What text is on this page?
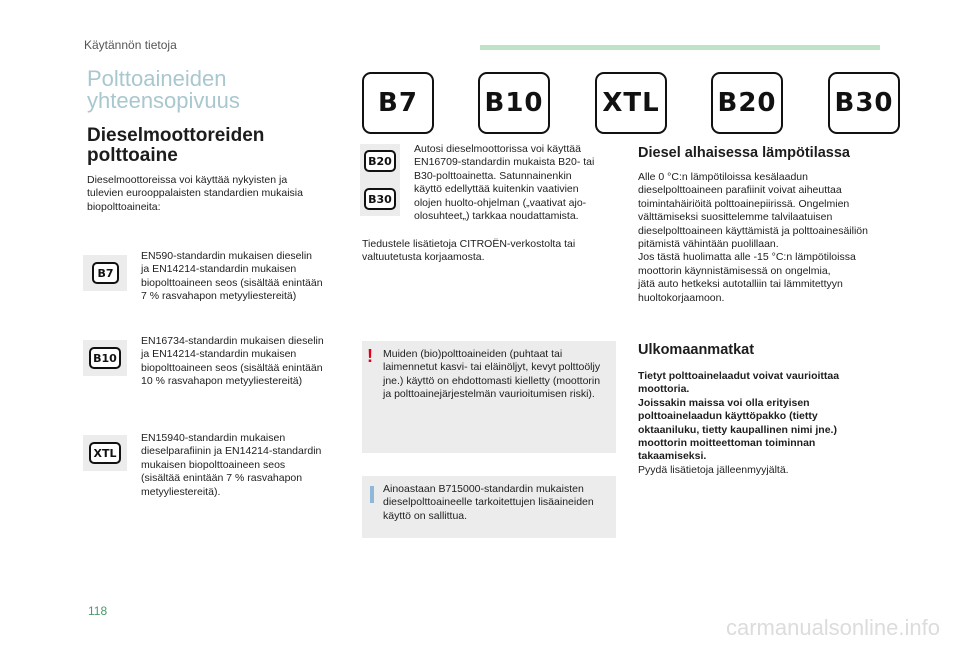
Käytännön tietoja
Polttoaineiden
yhteensopivuus	B7	B10 XTL B20 B30
Dieselmoottoreiden
polttoaine
Dieselmoottoreissa voi käyttää nykyisten ja
tulevien eurooppalaisten standardien mukaisia
biopolttoaineita:
B7
EN590-standardin mukaisen dieselin
ja EN14214-standardin mukaisen
biopolttoaineen seos (sisältää enintään
7 % rasvahapon metyyliestereitä)
B10
EN16734-standardin mukaisen dieselin
ja EN14214-standardin mukaisen
biopolttoaineen seos (sisältää enintään
10 % rasvahapon metyyliestereitä)
XTL
EN15940-standardin mukaisen
dieselparafiinin ja EN14214-standardin
mukaisen biopolttoaineen seos
(sisältää enintään 7 % rasvahapon
metyyliestereitä).
B20
B30
Autosi dieselmoottorissa voi käyttää
EN16709-standardin mukaista B20- tai
B30-polttoainetta. Satunnainenkin
käyttö edellyttää kuitenkin vaativien
olojen huolto-ohjelman („vaativat ajo-
olosuhteet„) tarkkaa noudattamista.
Tiedustele lisätietoja CITROËN-verkostolta tai
valtuutetusta korjaamosta.
! Muiden (bio)polttoaineiden (puhtaat tai
laimennetut kasvi- tai eläinöljyt, kevyt polttoöljy
jne.) käyttö on ehdottomasti kielletty (moottorin
ja polttoainejärjestelmän vaurioitumisen riski).
Ainoastaan B715000-standardin mukaisten
dieselpolttoaineelle tarkoitettujen lisäaineiden
käyttö on sallittua.
Diesel alhaisessa lämpötilassa
Alle 0 °C:n lämpötiloissa kesälaadun
dieselpolttoaineen parafiinit voivat aiheuttaa
toimintahäiriöitä polttoainepiirissä. Ongelmien
välttämiseksi suosittelemme talvilaatuisen
dieselpolttoaineen käyttämistä ja polttoainesäiliön
pitämistä vähintään puolillaan.
Jos tästä huolimatta alle -15 °C:n lämpötiloissa
moottorin käynnistämisessä on ongelmia,
jätä auto hetkeksi autotalliin tai lämmitettyyn
huoltokorjaamoon.
Ulkomaanmatkat
Tietyt polttoainelaadut voivat vaurioittaa
moottoria.
Joissakin maissa voi olla erityisen
polttoainelaadun käyttöpakko (tietty
oktaaniluku, tietty kaupallinen nimi jne.)
moottorin moitteettoman toiminnan
takaamiseksi.
Pyydä lisätietoja jälleenmyyjältä.
118
carmanualsonline.info
